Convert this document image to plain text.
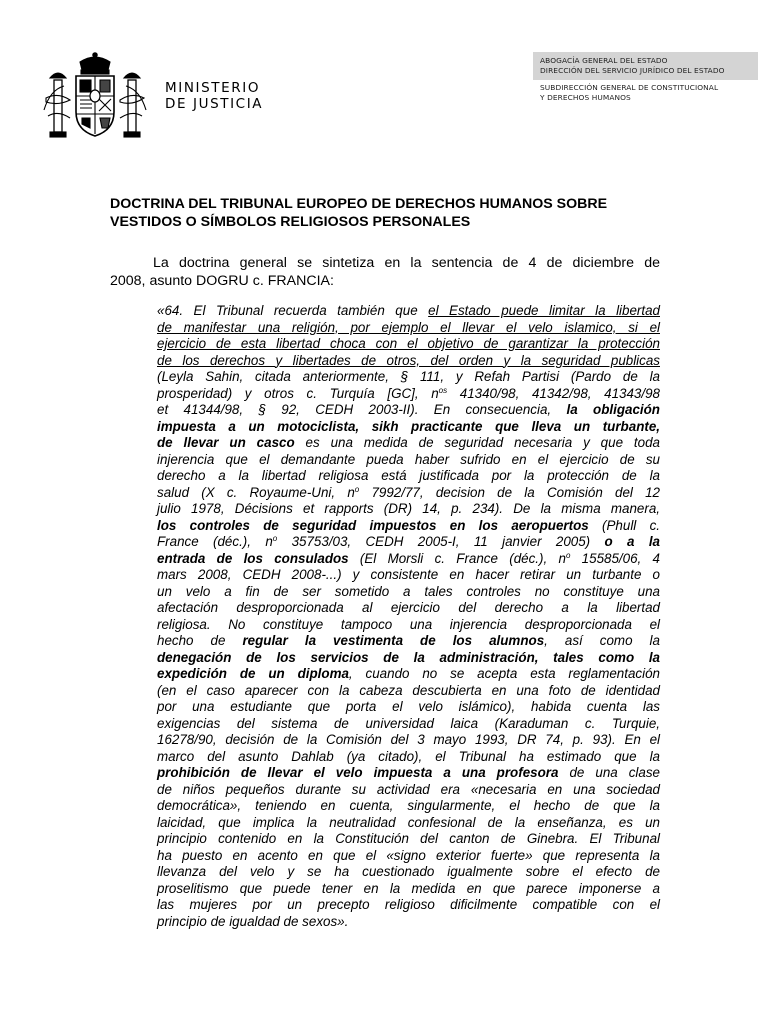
MINISTERIO
DE JUSTICIA
ABOGACÍA GENERAL DEL ESTADO
DIRECCIÓN DEL SERVICIO JURÍDICO DEL ESTADO
SUBDIRECCIÓN GENERAL DE CONSTITUCIONAL
Y DERECHOS HUMANOS
DOCTRINA DEL TRIBUNAL EUROPEO DE DERECHOS HUMANOS SOBRE
VESTIDOS O SÍMBOLOS RELIGIOSOS PERSONALES
La doctrina general se sintetiza en la sentencia de 4 de diciembre de
2008, asunto DOGRU c. FRANCIA:
«64. El Tribunal recuerda también que el Estado puede limitar la libertad
de manifestar una religión, por ejemplo el llevar el velo islamico, si el
ejercicio de esta libertad choca con el objetivo de garantizar la protección
de los derechos y libertades de otros, del orden y la seguridad publicas
(Leyla Sahin, citada anteriormente, § 111, y Refah Partisi (Pardo de la
prosperidad) y otros c. Turquía [GC], $n^{os}$ 41340/98, 41342/98, 41343/98
et 41344/98, § 92, CEDH 2003-II). En consecuencia, la obligación
impuesta a un motociclista, sikh practicante que lleva un turbante,
de llevar un casco es una medida de seguridad necesaria y que toda
injerencia que el demandante pueda haber sufrido en el ejercicio de su
derecho a la libertad religiosa está justificada por la protección de la
salud (X c. Royaume-Uni, $n^o$ 7992/77, decision de la Comisión del 12
julio 1978, Décisions et rapports (DR) 14, p. 234). De la misma manera,
los controles de seguridad impuestos en los aeropuertos (Phull c.
France (déc.), $n^o$ 35753/03, CEDH 2005-I, 11 janvier 2005) o a la
entrada de los consulados (El Morsli c. France (déc.), $n^o$ 15585/06, 4
mars 2008, CEDH 2008-...) y consistente en hacer retirar un turbante o
un velo a fin de ser sometido a tales controles no constituye una
afectación desproporcionada al ejercicio del derecho a la libertad
religiosa. No constituye tampoco una injerencia desproporcionada el
hecho de regular la vestimenta de los alumnos, así como la
denegación de los servicios de la administración, tales como la
expedición de un diploma, cuando no se acepta esta reglamentación
(en el caso aparecer con la cabeza descubierta en una foto de identidad
por una estudiante que porta el velo islámico), habida cuenta las
exigencias del sistema de universidad laica (Karaduman c. Turquie,
16278/90, decisión de la Comisión del 3 mayo 1993, DR 74, p. 93). En el
marco del asunto Dahlab (ya citado), el Tribunal ha estimado que la
prohibición de llevar el velo impuesta a una profesora de una clase
de niños pequeños durante su actividad era «necesaria en una sociedad
democrática», teniendo en cuenta, singularmente, el hecho de que la
laicidad, que implica la neutralidad confesional de la enseñanza, es un
principio contenido en la Constitución del canton de Ginebra. El Tribunal
ha puesto en acento en que el «signo exterior fuerte» que representa la
llevanza del velo y se ha cuestionado igualmente sobre el efecto de
proselitismo que puede tener en la medida en que parece imponerse a
las mujeres por un precepto religioso dificilmente compatible con el
principio de igualdad de sexos».
